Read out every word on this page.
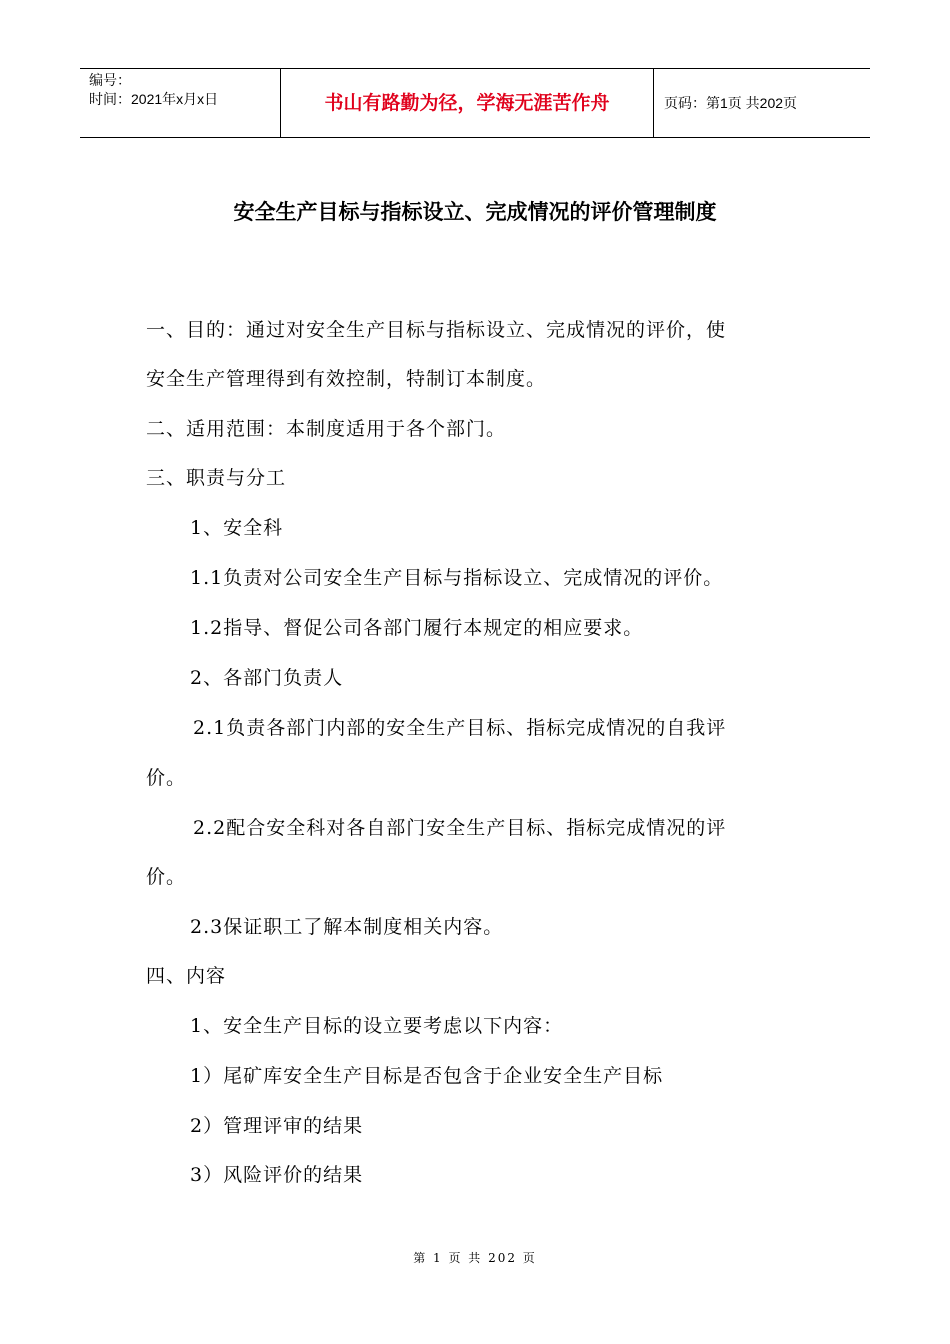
编号：
时间：2021年x月x日	书山有路勤为径，学海无涯苦作舟	页码：第1页 共202页
安全生产目标与指标设立、完成情况的评价管理制度
一、目的：通过对安全生产目标与指标设立、完成情况的评价，使
安全生产管理得到有效控制，特制订本制度。
二、适用范围：本制度适用于各个部门。
三、职责与分工
1、安全科
1.1负责对公司安全生产目标与指标设立、完成情况的评价。
1.2指导、督促公司各部门履行本规定的相应要求。
2、各部门负责人
2.1负责各部门内部的安全生产目标、指标完成情况的自我评
价。
2.2配合安全科对各自部门安全生产目标、指标完成情况的评
价。
2.3保证职工了解本制度相关内容。
四、内容
1、安全生产目标的设立要考虑以下内容：
1）尾矿库安全生产目标是否包含于企业安全生产目标
2）管理评审的结果
3）风险评价的结果
第 1 页 共 202 页
